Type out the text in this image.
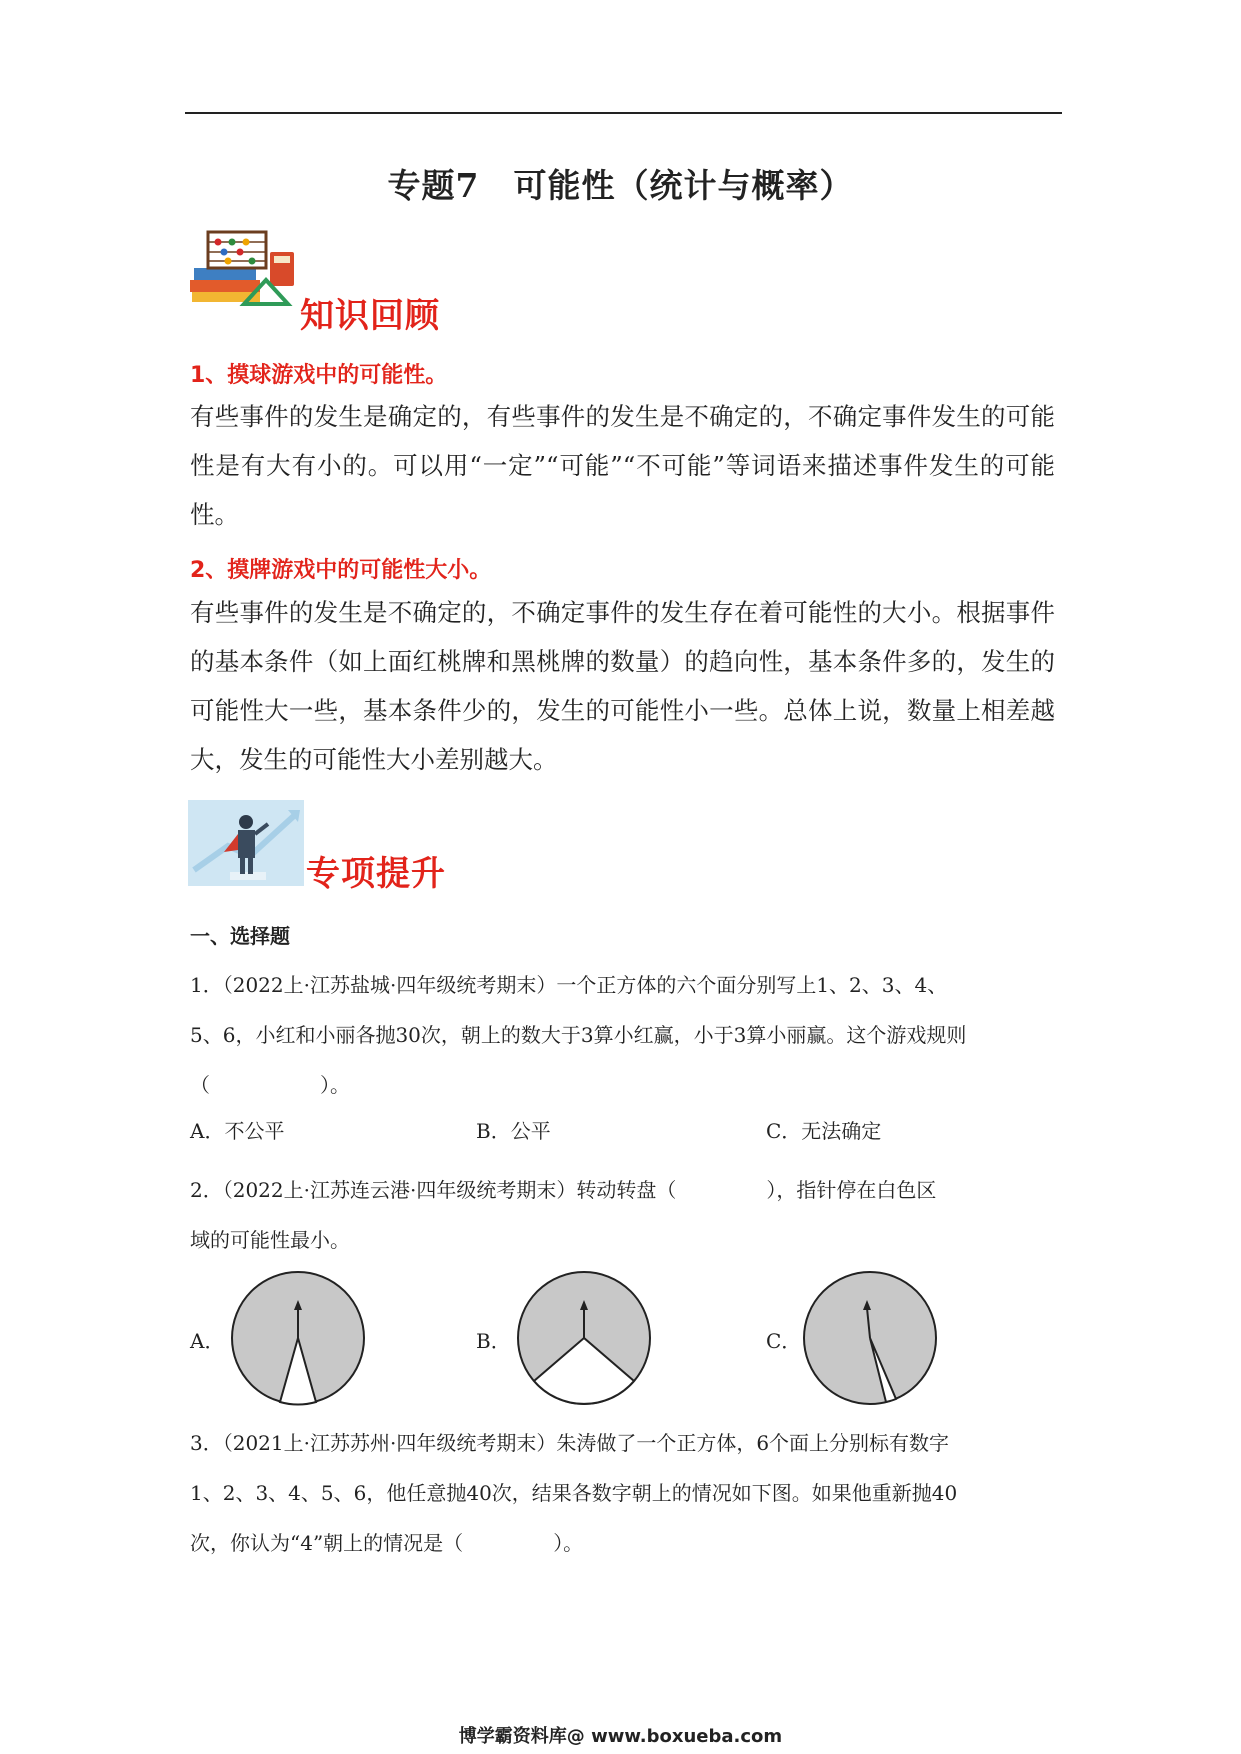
专题7　可能性（统计与概率）
知识回顾
1、摸球游戏中的可能性。
有些事件的发生是确定的，有些事件的发生是不确定的，不确定事件发生的可能性是有大有小的。可以用“一定”“可能”“不可能”等词语来描述事件发生的可能性。
2、摸牌游戏中的可能性大小。
有些事件的发生是不确定的，不确定事件的发生存在着可能性的大小。根据事件的基本条件（如上面红桃牌和黑桃牌的数量）的趋向性，基本条件多的，发生的可能性大一些，基本条件少的，发生的可能性小一些。总体上说，数量上相差越大，发生的可能性大小差别越大。
专项提升
一、选择题
1．（2022上·江苏盐城·四年级统考期末）一个正方体的六个面分别写上1、2、3、4、
5、6，小红和小丽各抛30次，朝上的数大于3算小红赢，小于3算小丽赢。这个游戏规则
（	）。
A．不公平	B．公平	C．无法确定
2．（2022上·江苏连云港·四年级统考期末）转动转盘（	），指针停在白色区
域的可能性最小。
A．	B．	C．
3．（2021上·江苏苏州·四年级统考期末）朱涛做了一个正方体，6个面上分别标有数字
1、2、3、4、5、6，他任意抛40次，结果各数字朝上的情况如下图。如果他重新抛40
次，你认为“4”朝上的情况是（	）。
博学霸资料库@ www.boxueba.com
